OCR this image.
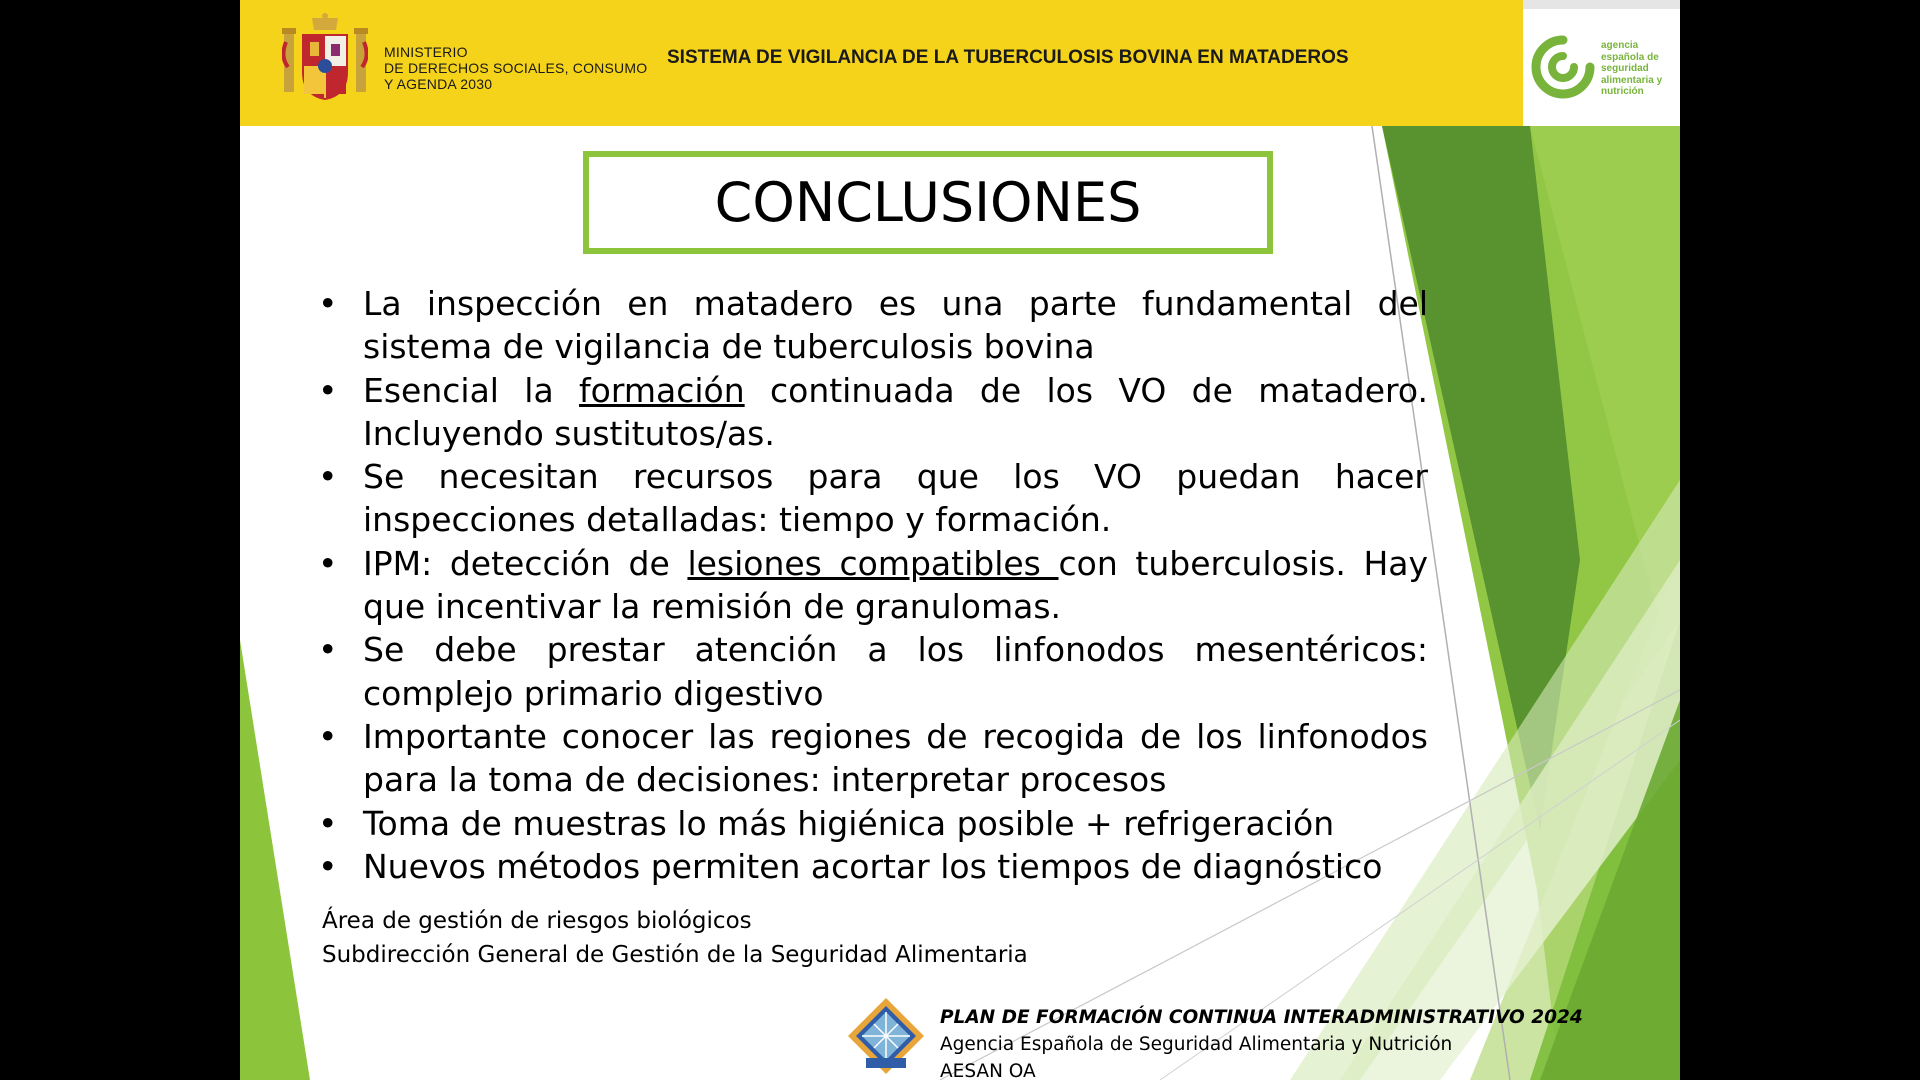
MINISTERIO
DE DERECHOS SOCIALES, CONSUMO
Y AGENDA 2030
SISTEMA DE VIGILANCIA DE LA TUBERCULOSIS BOVINA EN MATADEROS
agencia
española de
seguridad
alimentaria y
nutrición
CONCLUSIONES
• La inspección en matadero es una parte fundamental del sistema de vigilancia de tuberculosis bovina
• Esencial la formación continuada de los VO de matadero. Incluyendo sustitutos/as.
• Se necesitan recursos para que los VO puedan hacer inspecciones detalladas: tiempo y formación.
• IPM: detección de lesiones compatibles con tuberculosis. Hay que incentivar la remisión de granulomas.
• Se debe prestar atención a los linfonodos mesentéricos: complejo primario digestivo
• Importante conocer las regiones de recogida de los linfonodos para la toma de decisiones: interpretar procesos
• Toma de muestras lo más higiénica posible + refrigeración
• Nuevos métodos permiten acortar los tiempos de diagnóstico
Área de gestión de riesgos biológicos
Subdirección General de Gestión de la Seguridad Alimentaria
PLAN DE FORMACIÓN CONTINUA INTERADMINISTRATIVO 2024
Agencia Española de Seguridad Alimentaria y Nutrición
AESAN OA
